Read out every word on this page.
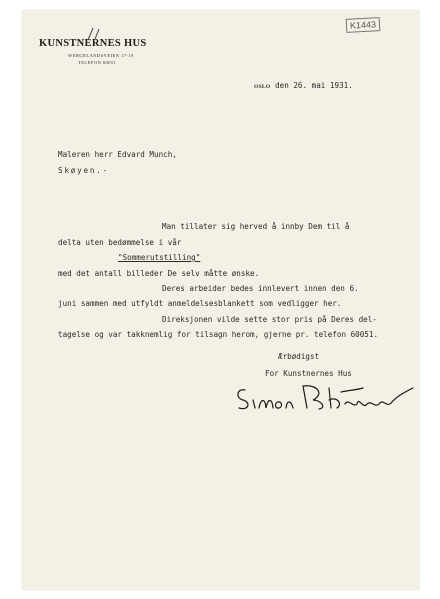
K1443
KUNSTNERNES HUS
WERGELANDSVEIEN 17-19
TELEFON 60051
OSLO den 26. mai 1931.
Maleren herr Edvard Munch,
Skøyen.-
Man tillater sig herved å innby Dem til å
delta uten bedømmelse i vår
"Sommerutstilling"
med det antall billeder De selv måtte ønske.
Deres arbeider bedes innlevert innen den 6.
juni sammen med utfyldt anmeldelsesblankett som vedligger her.
Direksjonen vilde sette stor pris på Deres del-
tagelse og var takknemlig for tilsagn herom, gjerne pr. telefon 60051.
Ærbødigst
For Kunstnernes Hus
